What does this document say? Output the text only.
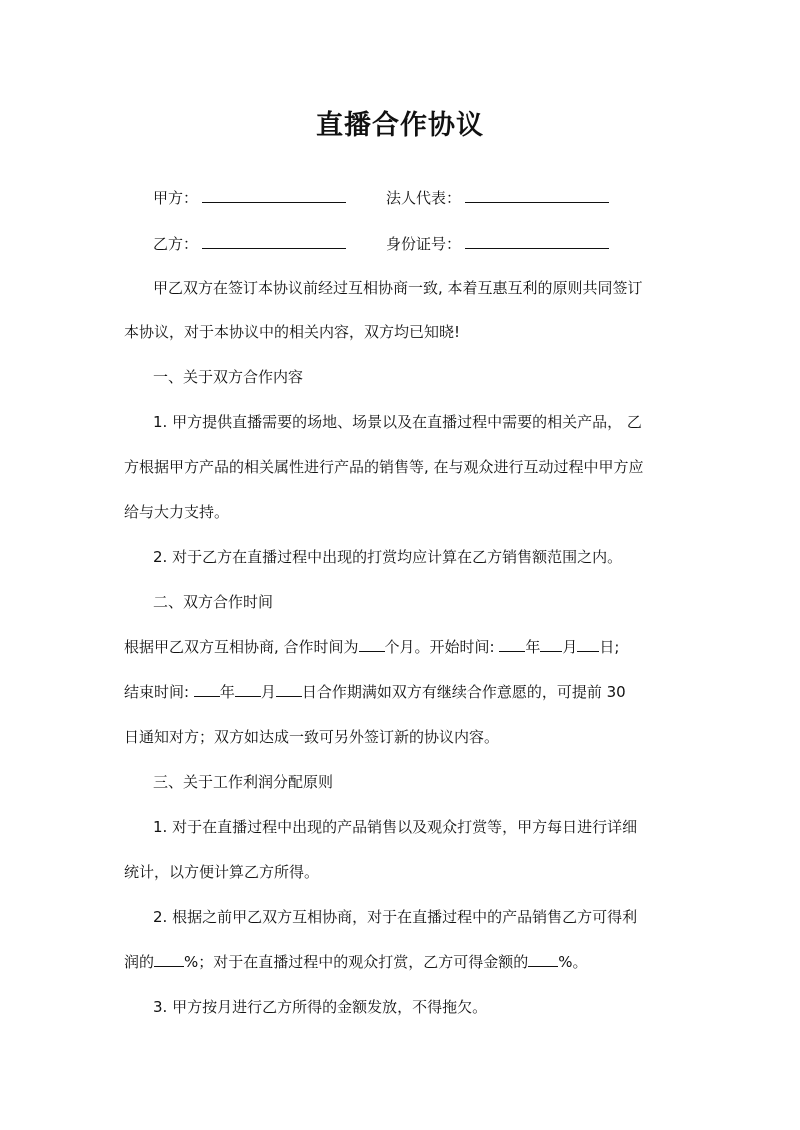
直播合作协议
甲方：	法人代表：
乙方：	身份证号：
甲乙双方在签订本协议前经过互相协商一致, 本着互惠互利的原则共同签订
本协议，对于本协议中的相关内容，双方均已知晓!
一、关于双方合作内容
1. 甲方提供直播需要的场地、场景以及在直播过程中需要的相关产品， 乙
方根据甲方产品的相关属性进行产品的销售等, 在与观众进行互动过程中甲方应
给与大力支持。
2. 对于乙方在直播过程中出现的打赏均应计算在乙方销售额范围之内。
二、双方合作时间
根据甲乙双方互相协商, 合作时间为 个月。开始时间: 年 月 日;
结束时间: 年 月 日合作期满如双方有继续合作意愿的，可提前 30
日通知对方；双方如达成一致可另外签订新的协议内容。
三、关于工作利润分配原则
1. 对于在直播过程中出现的产品销售以及观众打赏等，甲方每日进行详细
统计，以方便计算乙方所得。
2. 根据之前甲乙双方互相协商，对于在直播过程中的产品销售乙方可得利
润的 %；对于在直播过程中的观众打赏，乙方可得金额的 %。
3. 甲方按月进行乙方所得的金额发放，不得拖欠。
